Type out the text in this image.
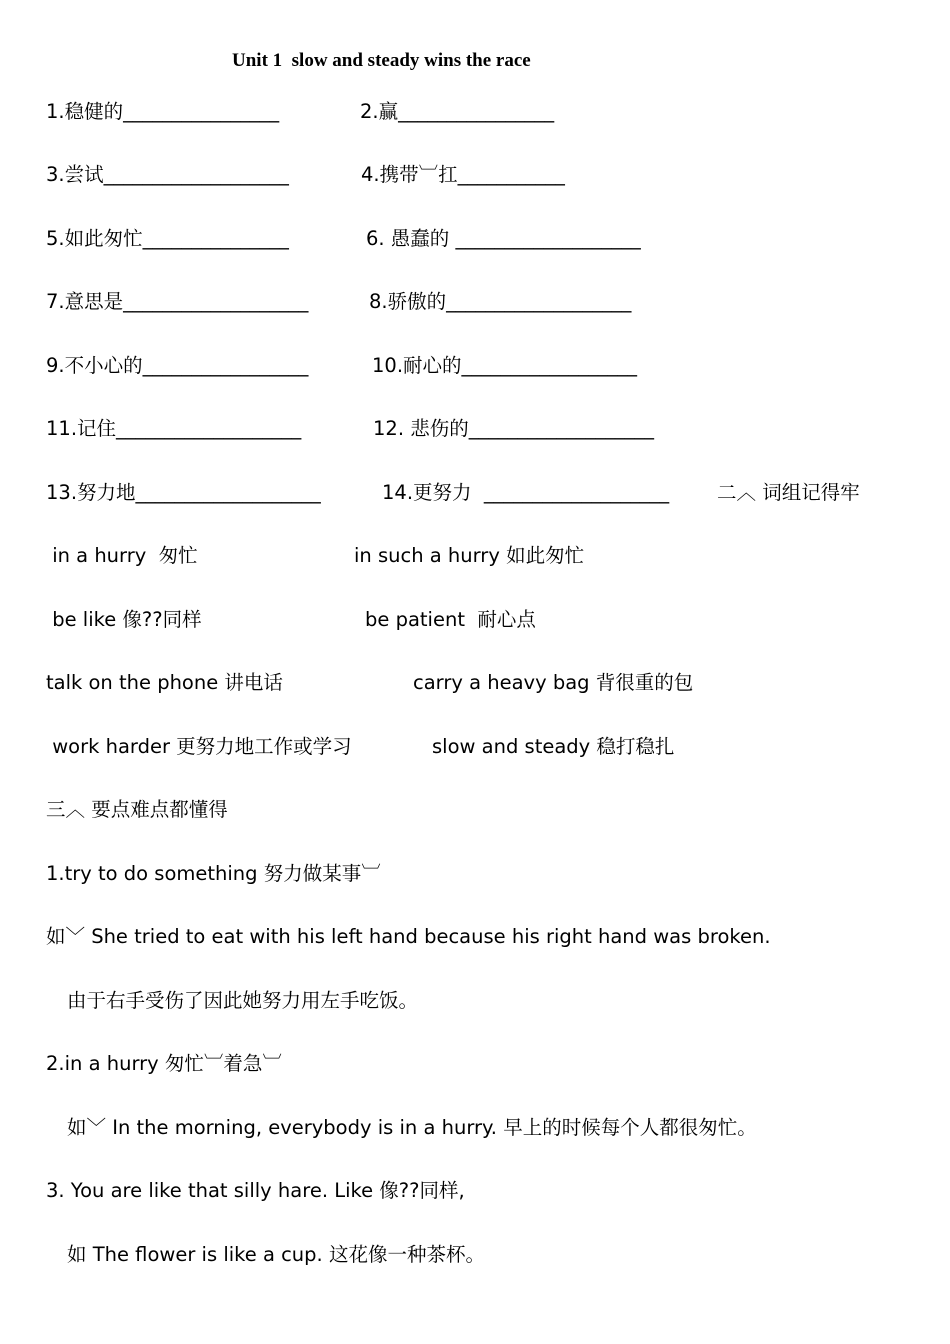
Unit 1  slow and steady wins the race
1.稳健的________________	2.赢________________
3.尝试___________________	4.携带︺扛___________
5.如此匆忙_______________	6. 愚蠢的 ___________________
7.意思是___________________	8.骄傲的___________________
9.不小心的_________________	10.耐心的__________________
11.记住___________________	12. 悲伤的___________________
13.努力地___________________	14.更努力  ___________________ 二︿ 词组记得牢
in a hurry  匆忙	in such a hurry 如此匆忙
be like 像??同样	be patient  耐心点
talk on the phone 讲电话	carry a heavy bag 背很重的包
work harder 更努力地工作或学习	slow and steady 稳打稳扎
三︿ 要点难点都懂得
1.try to do something 努力做某事︺
如﹀ She tried to eat with his left hand because his right hand was broken.
由于右手受伤了因此她努力用左手吃饭。
2.in a hurry 匆忙︺着急︺
如﹀ In the morning, everybody is in a hurry. 早上的时候每个人都很匆忙。
3. You are like that silly hare. Like 像??同样,
如 The flower is like a cup. 这花像一种茶杯。
